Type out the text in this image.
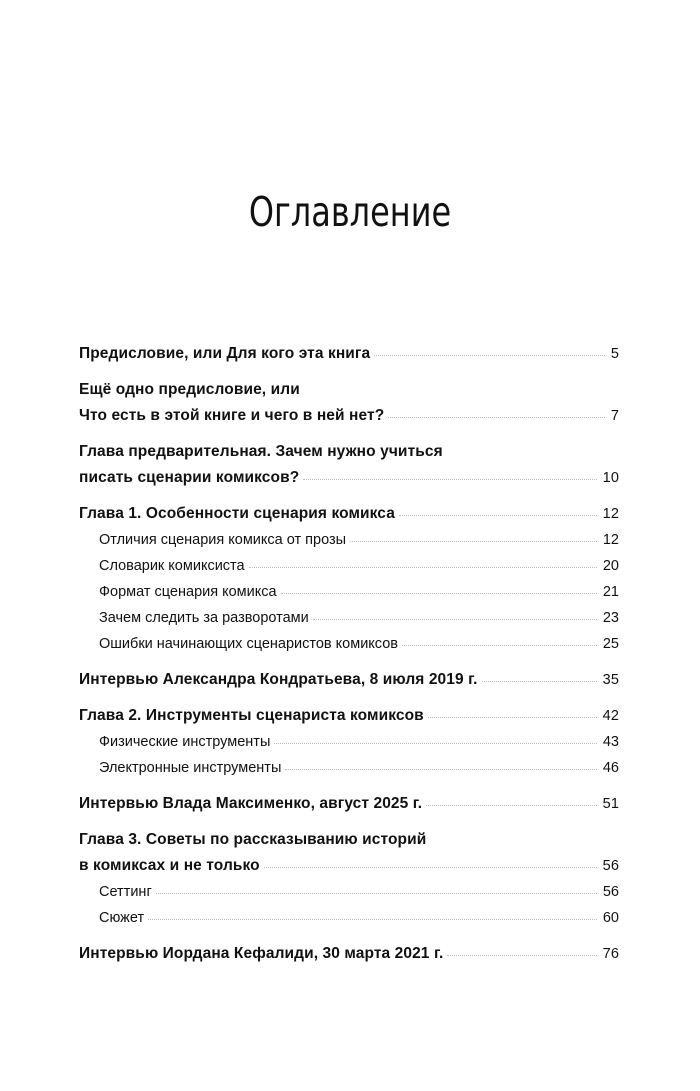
Оглавление
Предисловие, или Для кого эта книга	5
Ещё одно предисловие, или
Что есть в этой книге и чего в ней нет?	7
Глава предварительная. Зачем нужно учиться
писать сценарии комиксов?	10
Глава 1. Особенности сценария комикса	12
Отличия сценария комикса от прозы	12
Словарик комиксиста	20
Формат сценария комикса	21
Зачем следить за разворотами	23
Ошибки начинающих сценаристов комиксов	25
Интервью Александра Кондратьева, 8 июля 2019 г.	35
Глава 2. Инструменты сценариста комиксов	42
Физические инструменты	43
Электронные инструменты	46
Интервью Влада Максименко, август 2025 г.	51
Глава 3. Советы по рассказыванию историй
в комиксах и не только	56
Сеттинг	56
Сюжет	60
Интервью Иордана Кефалиди, 30 марта 2021 г.	76
